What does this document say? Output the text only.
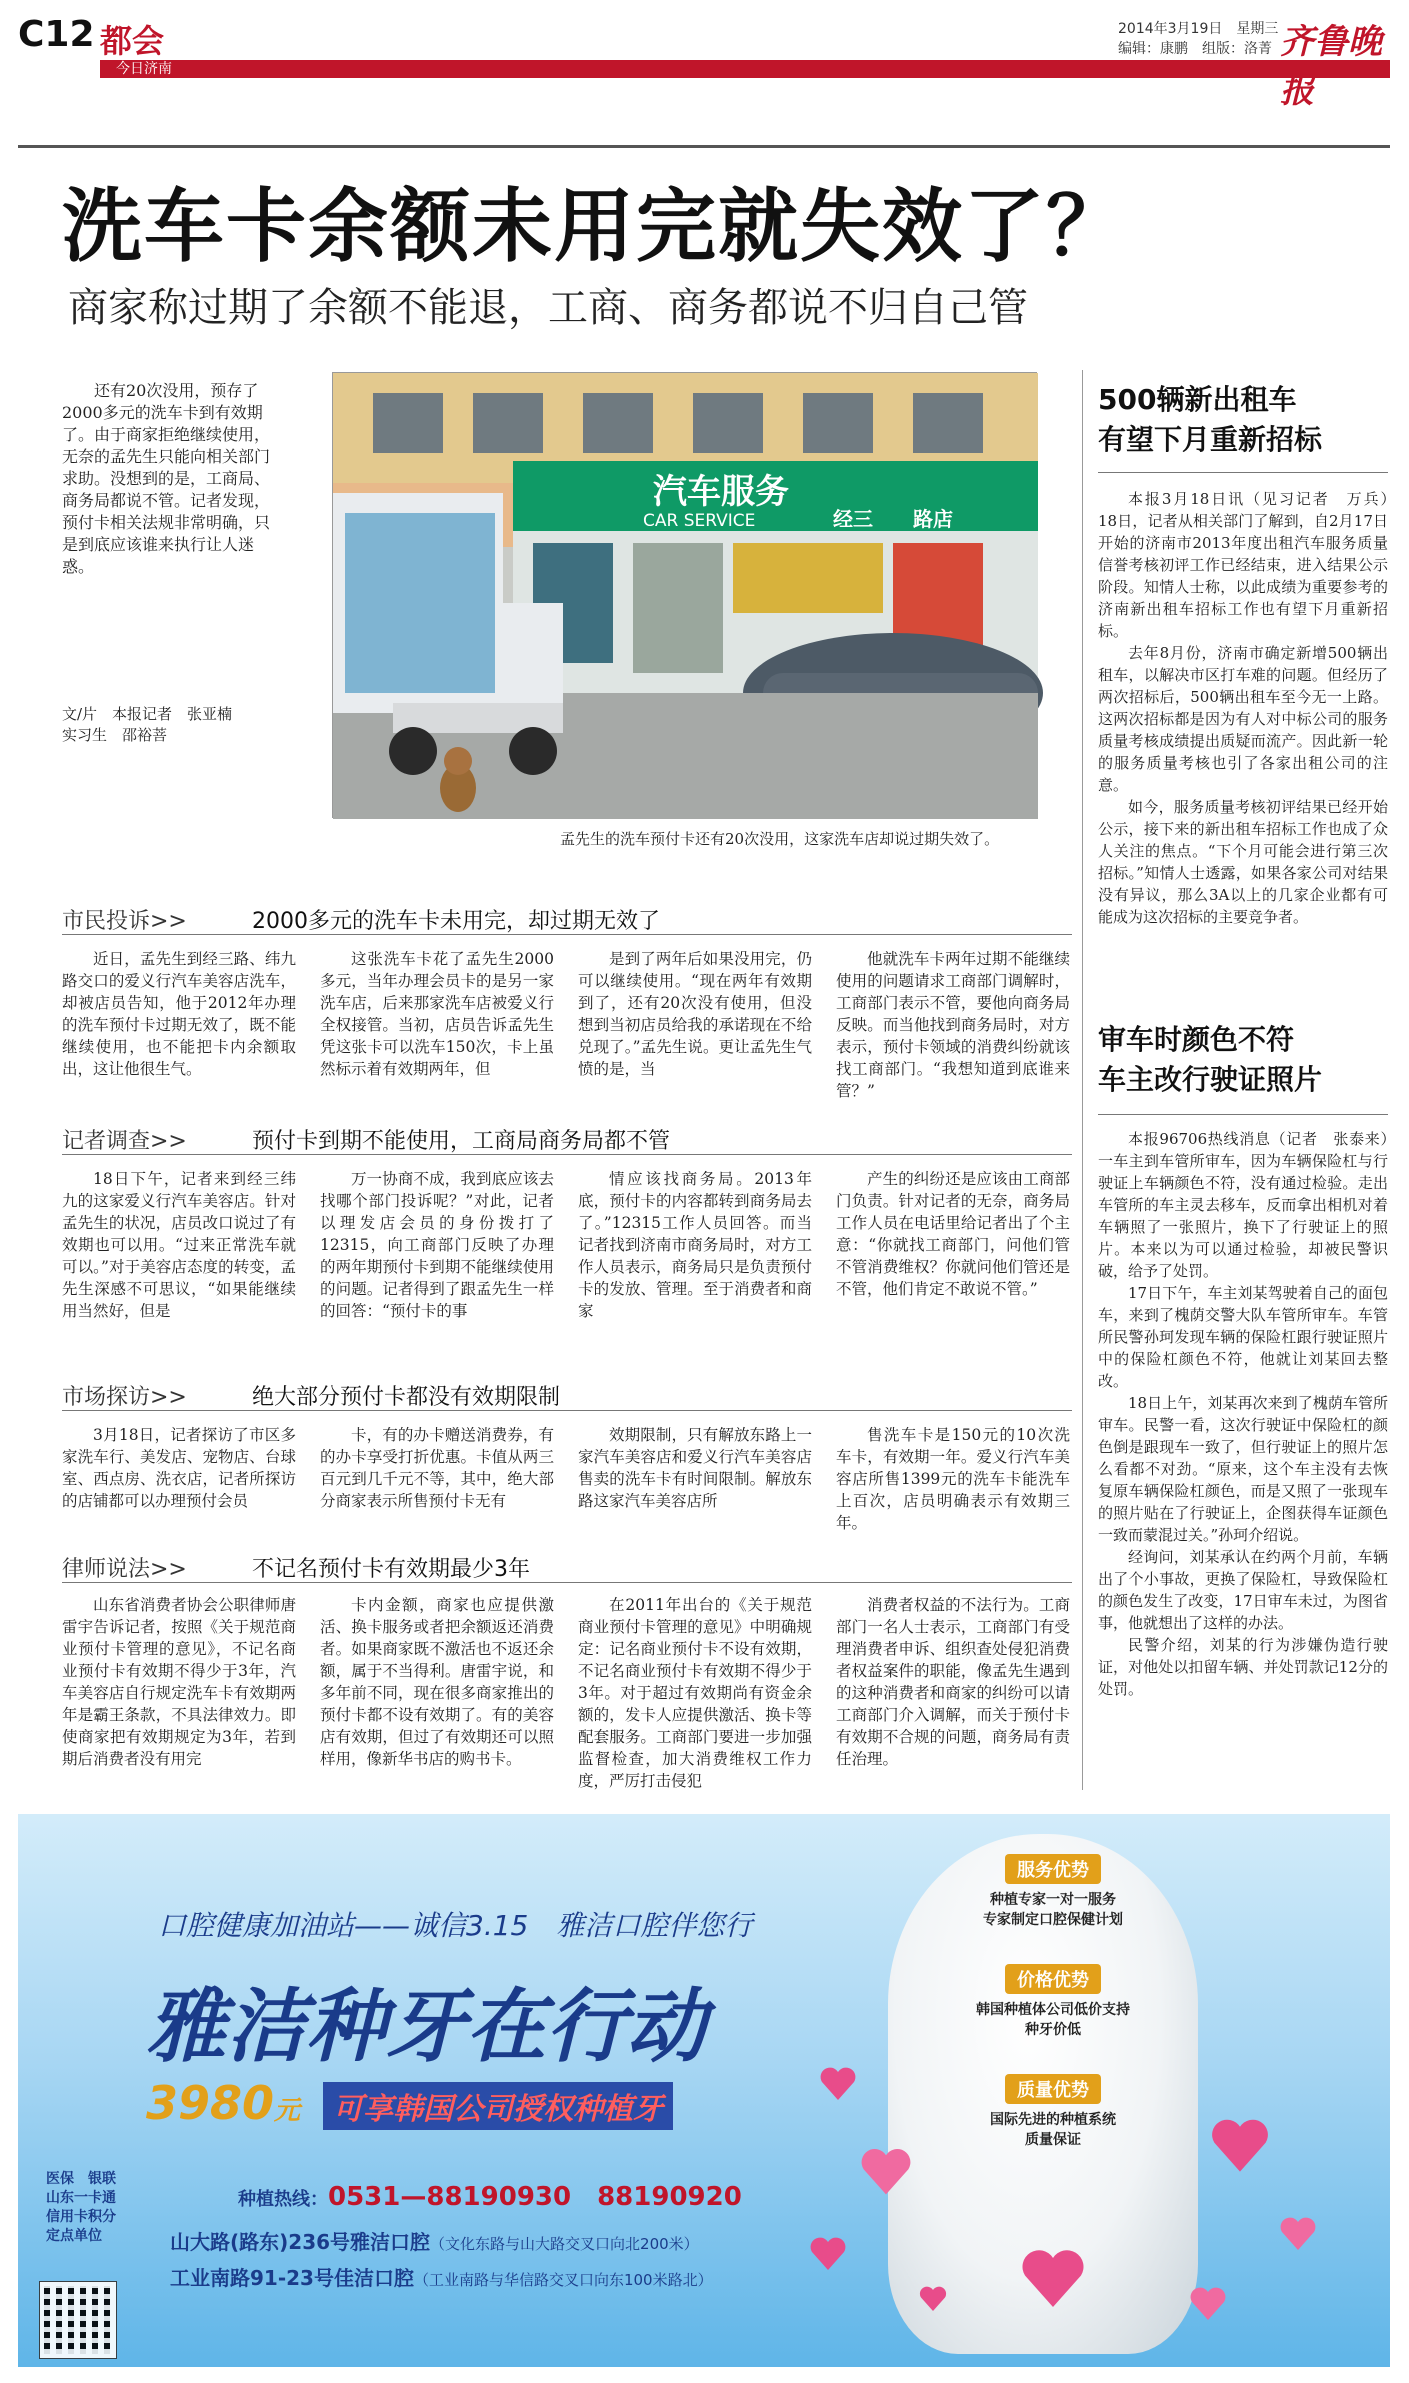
C12 都会
今日济南
2014年3月19日　星期三
编辑：康鹏　组版：洛菁 齐鲁晚报
洗车卡余额未用完就失效了？
商家称过期了余额不能退，工商、商务都说不归自己管
还有20次没用，预存了2000多元的洗车卡到有效期了。由于商家拒绝继续使用，无奈的孟先生只能向相关部门求助。没想到的是，工商局、商务局都说不管。记者发现，预付卡相关法规非常明确，只是到底应该谁来执行让人迷惑。
文/片　本报记者　张亚楠
实习生　邵裕菩
汽车服务
CAR SERVICE	经三　　路店
孟先生的洗车预付卡还有20次没用，这家洗车店却说过期失效了。
市民投诉>>	2000多元的洗车卡未用完，却过期无效了
近日，孟先生到经三路、纬九路交口的爱义行汽车美容店洗车，却被店员告知，他于2012年办理的洗车预付卡过期无效了，既不能继续使用，也不能把卡内余额取出，这让他很生气。
这张洗车卡花了孟先生2000多元，当年办理会员卡的是另一家洗车店，后来那家洗车店被爱义行全权接管。当初，店员告诉孟先生凭这张卡可以洗车150次，卡上虽然标示着有效期两年，但
是到了两年后如果没用完，仍可以继续使用。“现在两年有效期到了，还有20次没有使用，但没想到当初店员给我的承诺现在不给兑现了。”孟先生说。更让孟先生气愤的是，当
他就洗车卡两年过期不能继续使用的问题请求工商部门调解时，工商部门表示不管，要他向商务局反映。而当他找到商务局时，对方表示，预付卡领域的消费纠纷就该找工商部门。“我想知道到底谁来管？”
记者调查>>	预付卡到期不能使用，工商局商务局都不管
18日下午，记者来到经三纬九的这家爱义行汽车美容店。针对孟先生的状况，店员改口说过了有效期也可以用。“过来正常洗车就可以。”对于美容店态度的转变，孟先生深感不可思议，“如果能继续用当然好，但是
万一协商不成，我到底应该去找哪个部门投诉呢？”对此，记者以理发店会员的身份拨打了12315，向工商部门反映了办理的两年期预付卡到期不能继续使用的问题。记者得到了跟孟先生一样的回答：“预付卡的事
情应该找商务局。2013年底，预付卡的内容都转到商务局去了。”12315工作人员回答。而当记者找到济南市商务局时，对方工作人员表示，商务局只是负责预付卡的发放、管理。至于消费者和商家
产生的纠纷还是应该由工商部门负责。针对记者的无奈，商务局工作人员在电话里给记者出了个主意：“你就找工商部门，问他们管不管消费维权？你就问他们管还是不管，他们肯定不敢说不管。”
市场探访>>	绝大部分预付卡都没有效期限制
3月18日，记者探访了市区多家洗车行、美发店、宠物店、台球室、西点房、洗衣店，记者所探访的店铺都可以办理预付会员
卡，有的办卡赠送消费券，有的办卡享受打折优惠。卡值从两三百元到几千元不等，其中，绝大部分商家表示所售预付卡无有
效期限制，只有解放东路上一家汽车美容店和爱义行汽车美容店售卖的洗车卡有时间限制。解放东路这家汽车美容店所
售洗车卡是150元的10次洗车卡，有效期一年。爱义行汽车美容店所售1399元的洗车卡能洗车上百次，店员明确表示有效期三年。
律师说法>>	不记名预付卡有效期最少3年
山东省消费者协会公职律师唐雷宇告诉记者，按照《关于规范商业预付卡管理的意见》，不记名商业预付卡有效期不得少于3年，汽车美容店自行规定洗车卡有效期两年是霸王条款，不具法律效力。即使商家把有效期规定为3年，若到期后消费者没有用完
卡内金额，商家也应提供激活、换卡服务或者把余额返还消费者。如果商家既不激活也不返还余额，属于不当得利。唐雷宇说，和多年前不同，现在很多商家推出的预付卡都不设有效期了。有的美容店有效期，但过了有效期还可以照样用，像新华书店的购书卡。
在2011年出台的《关于规范商业预付卡管理的意见》中明确规定：记名商业预付卡不设有效期，不记名商业预付卡有效期不得少于3年。对于超过有效期尚有资金余额的，发卡人应提供激活、换卡等配套服务。工商部门要进一步加强监督检查，加大消费维权工作力度，严厉打击侵犯
消费者权益的不法行为。工商部门一名人士表示，工商部门有受理消费者申诉、组织查处侵犯消费者权益案件的职能，像孟先生遇到的这种消费者和商家的纠纷可以请工商部门介入调解，而关于预付卡有效期不合规的问题，商务局有责任治理。
500辆新出租车
有望下月重新招标

本报3月18日讯（见习记者　万兵）　18日，记者从相关部门了解到，自2月17日开始的济南市2013年度出租汽车服务质量信誉考核初评工作已经结束，进入结果公示阶段。知情人士称，以此成绩为重要参考的济南新出租车招标工作也有望下月重新招标。

去年8月份，济南市确定新增500辆出租车，以解决市区打车难的问题。但经历了两次招标后，500辆出租车至今无一上路。这两次招标都是因为有人对中标公司的服务质量考核成绩提出质疑而流产。因此新一轮的服务质量考核也引了各家出租公司的注意。

如今，服务质量考核初评结果已经开始公示，接下来的新出租车招标工作也成了众人关注的焦点。“下个月可能会进行第三次招标。”知情人士透露，如果各家公司对结果没有异议，那么3A以上的几家企业都有可能成为这次招标的主要竞争者。

审车时颜色不符
车主改行驶证照片

本报96706热线消息（记者　张泰来）　一车主到车管所审车，因为车辆保险杠与行驶证上车辆颜色不符，没有通过检验。走出车管所的车主灵去移车，反而拿出相机对着车辆照了一张照片，换下了行驶证上的照片。本来以为可以通过检验，却被民警识破，给予了处罚。

17日下午，车主刘某驾驶着自己的面包车，来到了槐荫交警大队车管所审车。车管所民警孙珂发现车辆的保险杠跟行驶证照片中的保险杠颜色不符，他就让刘某回去整改。

18日上午，刘某再次来到了槐荫车管所审车。民警一看，这次行驶证中保险杠的颜色倒是跟现车一致了，但行驶证上的照片怎么看都不对劲。“原来，这个车主没有去恢复原车辆保险杠颜色，而是又照了一张现车的照片贴在了行驶证上，企图获得车证颜色一致而蒙混过关。”孙珂介绍说。

经询问，刘某承认在约两个月前，车辆出了个小事故，更换了保险杠，导致保险杠的颜色发生了改变，17日审车未过，为图省事，他就想出了这样的办法。

民警介绍，刘某的行为涉嫌伪造行驶证，对他处以扣留车辆、并处罚款记12分的处罚。

口腔健康加油站——诚信3.15　雅洁口腔伴您行
雅洁种牙在行动
3980元	可享韩国公司授权种植牙
医保　银联
山东一卡通
信用卡积分
定点单位
种植热线：0531—88190930　88190920
山大路(路东)236号雅洁口腔（文化东路与山大路交叉口向北200米）
工业南路91-23号佳洁口腔（工业南路与华信路交叉口向东100米路北）
服务优势
种植专家一对一服务
专家制定口腔保健计划
价格优势
韩国种植体公司低价支持
种牙价低
质量优势
国际先进的种植系统
质量保证
